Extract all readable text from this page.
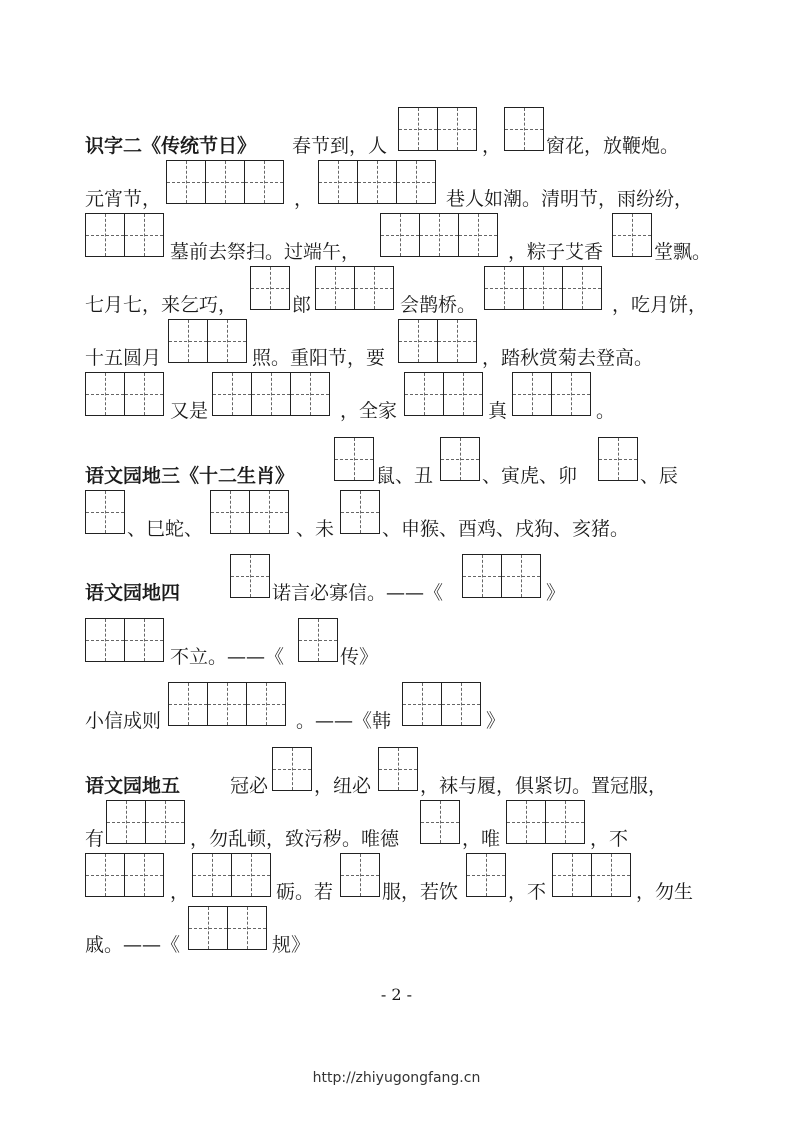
识字二《传统节日》 春节到，人	， 窗花，放鞭炮。
元宵节，	，	巷人如潮。清明节，雨纷纷，
墓前去祭扫。过端午，	，粽子艾香	堂飘。
七月七，来乞巧，	郎	会鹊桥。	，吃月饼，
十五圆月	照。重阳节，要	，踏秋赏菊去登高。
又是	，全家	真	。
语文园地三《十二生肖》	鼠、丑	、寅虎、卯	、辰
、巳蛇、	、未	、申猴、酉鸡、戌狗、亥猪。
语文园地四	诺言必寡信。——《	》
不立。——《	传》
小信成则	。——《韩	》
语文园地五	冠必 ，纽必	，袜与履，俱紧切。置冠服，
有	，勿乱顿，致污秽。唯德	，唯	，不
，	砺。若	服，若饮	，不	，勿生
戚。——《	规》
- 2 -
http://zhiyugongfang.cn
